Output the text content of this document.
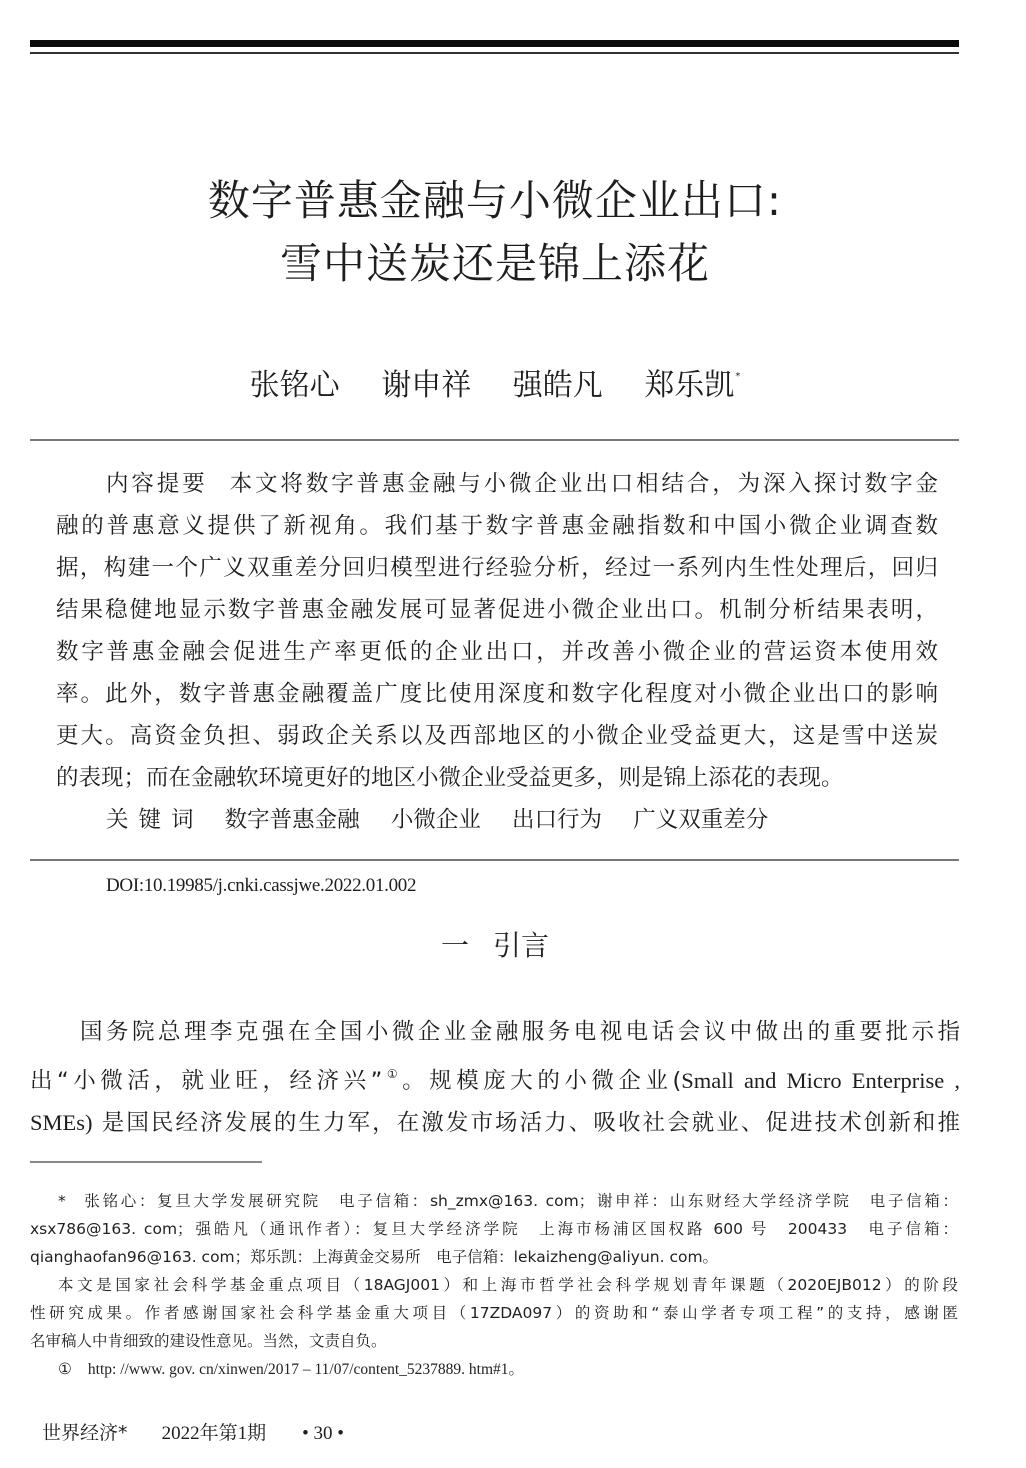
数字普惠金融与小微企业出口:
雪中送炭还是锦上添花
张铭心 谢申祥 强皓凡 郑乐凯*
内容提要 本文将数字普惠金融与小微企业出口相结合，为深入探讨数字金
融的普惠意义提供了新视角。我们基于数字普惠金融指数和中国小微企业调查数
据，构建一个广义双重差分回归模型进行经验分析，经过一系列内生性处理后，回归
结果稳健地显示数字普惠金融发展可显著促进小微企业出口。机制分析结果表明，
数字普惠金融会促进生产率更低的企业出口，并改善小微企业的营运资本使用效
率。此外，数字普惠金融覆盖广度比使用深度和数字化程度对小微企业出口的影响
更大。高资金负担、弱政企关系以及西部地区的小微企业受益更大，这是雪中送炭
的表现；而在金融软环境更好的地区小微企业受益更多，则是锦上添花的表现。
关键词 数字普惠金融 小微企业 出口行为 广义双重差分
DOI:10.19985/j.cnki.cassjwe.2022.01.002
一 引言
国务院总理李克强在全国小微企业金融服务电视电话会议中做出的重要批示指
出“小微活，就业旺，经济兴”①。规模庞大的小微企业(Small and Micro Enterprise ,
SMEs) 是国民经济发展的生力军，在激发市场活力、吸收社会就业、促进技术创新和推
* 张铭心：复旦大学发展研究院　电子信箱：sh_zmx@163. com；谢申祥：山东财经大学经济学院　电子信箱：
xsx786@163. com；强皓凡（通讯作者）：复旦大学经济学院　上海市杨浦区国权路 600 号　200433　电子信箱：
qianghaofan96@163. com；郑乐凯：上海黄金交易所　电子信箱：lekaizheng@aliyun. com。
本文是国家社会科学基金重点项目（18AGJ001）和上海市哲学社会科学规划青年课题（2020EJB012）的阶段
性研究成果。作者感谢国家社会科学基金重大项目（17ZDA097）的资助和“泰山学者专项工程”的支持，感谢匿
名审稿人中肯细致的建设性意见。当然，文责自负。
① http: //www. gov. cn/xinwen/2017 – 11/07/content_5237889. htm#1。
世界经济* 2022年第1期 • 30 •
